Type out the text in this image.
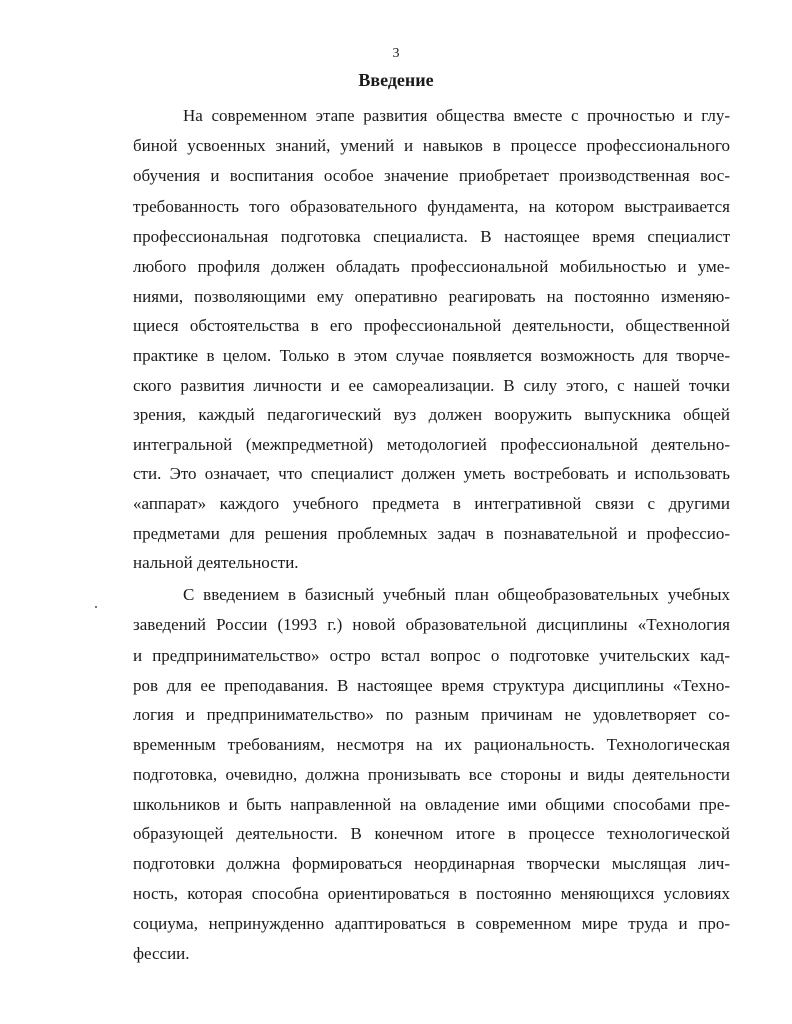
3
Введение
На современном этапе развития общества вместе с прочностью и глу-
биной усвоенных знаний, умений и навыков в процессе профессионального
обучения и воспитания особое значение приобретает производственная вос-
требованность того образовательного фундамента, на котором выстраивается
профессиональная подготовка специалиста. В настоящее время специалист
любого профиля должен обладать профессиональной мобильностью и уме-
ниями, позволяющими ему оперативно реагировать на постоянно изменяю-
щиеся обстоятельства в его профессиональной деятельности, общественной
практике в целом. Только в этом случае появляется возможность для творче-
ского развития личности и ее самореализации. В силу этого, с нашей точки
зрения, каждый педагогический вуз должен вооружить выпускника общей
интегральной (межпредметной) методологией профессиональной деятельно-
сти. Это означает, что специалист должен уметь востребовать и использовать
«аппарат» каждого учебного предмета в интегративной связи с другими
предметами для решения проблемных задач в познавательной и профессио-
нальной деятельности.
С введением в базисный учебный план общеобразовательных учебных
заведений России (1993 г.) новой образовательной дисциплины «Технология
и предпринимательство» остро встал вопрос о подготовке учительских кад-
ров для ее преподавания. В настоящее время структура дисциплины «Техно-
логия и предпринимательство» по разным причинам не удовлетворяет со-
временным требованиям, несмотря на их рациональность. Технологическая
подготовка, очевидно, должна пронизывать все стороны и виды деятельности
школьников и быть направленной на овладение ими общими способами пре-
образующей деятельности. В конечном итоге в процессе технологической
подготовки должна формироваться неординарная творчески мыслящая лич-
ность, которая способна ориентироваться в постоянно меняющихся условиях
социума, непринужденно адаптироваться в современном мире труда и про-
фессии.
